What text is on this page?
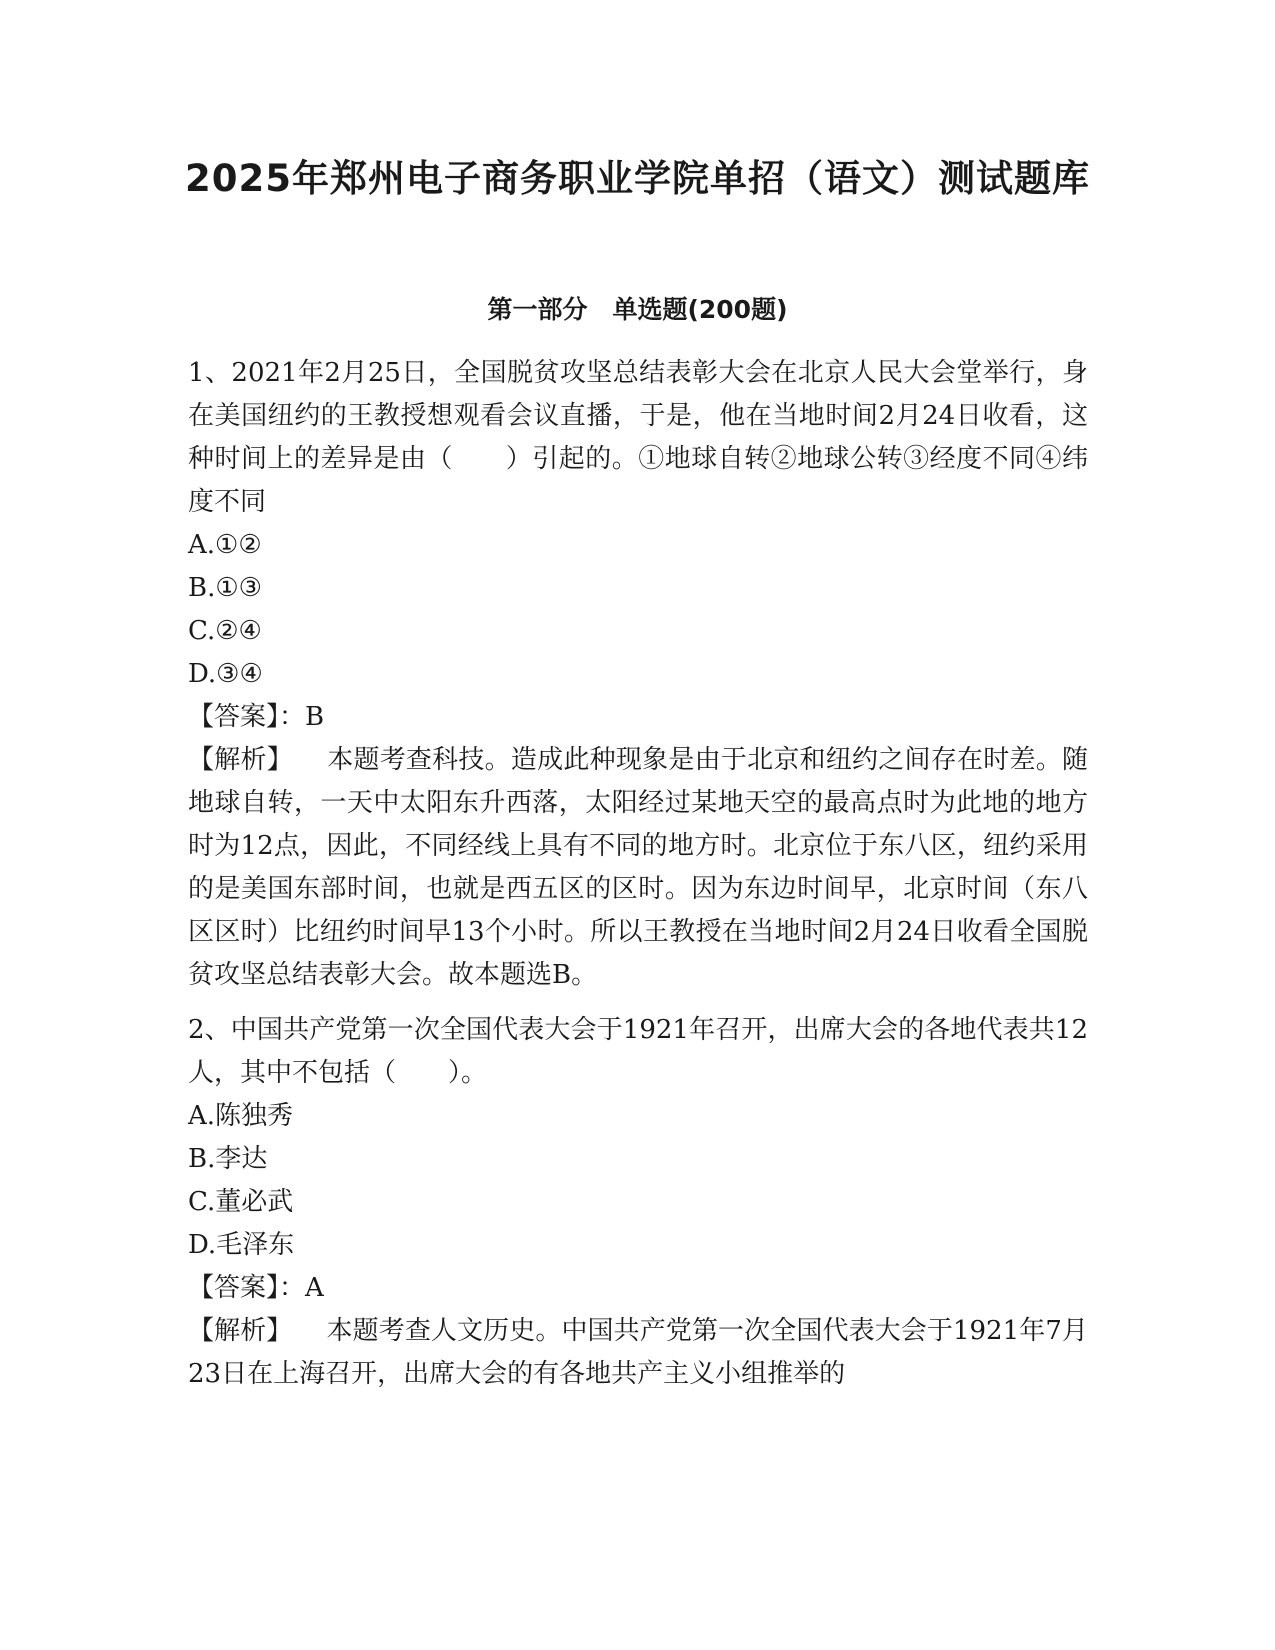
2025年郑州电子商务职业学院单招（语文）测试题库
第一部分　单选题(200题)

1、2021年2月25日，全国脱贫攻坚总结表彰大会在北京人民大会堂举行，身在美国纽约的王教授想观看会议直播，于是，他在当地时间2月24日收看，这种时间上的差异是由（　　）引起的。①地球自转②地球公转③经度不同④纬度不同

A.①②

B.①③

C.②④

D.③④

【答案】：B

【解析】 本题考查科技。造成此种现象是由于北京和纽约之间存在时差。随地球自转，一天中太阳东升西落，太阳经过某地天空的最高点时为此地的地方时为12点，因此，不同经线上具有不同的地方时。北京位于东八区，纽约采用的是美国东部时间，也就是西五区的区时。因为东边时间早，北京时间（东八区区时）比纽约时间早13个小时。所以王教授在当地时间2月24日收看全国脱贫攻坚总结表彰大会。故本题选B。

2、中国共产党第一次全国代表大会于1921年召开，出席大会的各地代表共12人，其中不包括（　　）。

A.陈独秀

B.李达

C.董必武

D.毛泽东

【答案】：A

【解析】 本题考查人文历史。中国共产党第一次全国代表大会于1921年7月23日在上海召开，出席大会的有各地共产主义小组推举的
